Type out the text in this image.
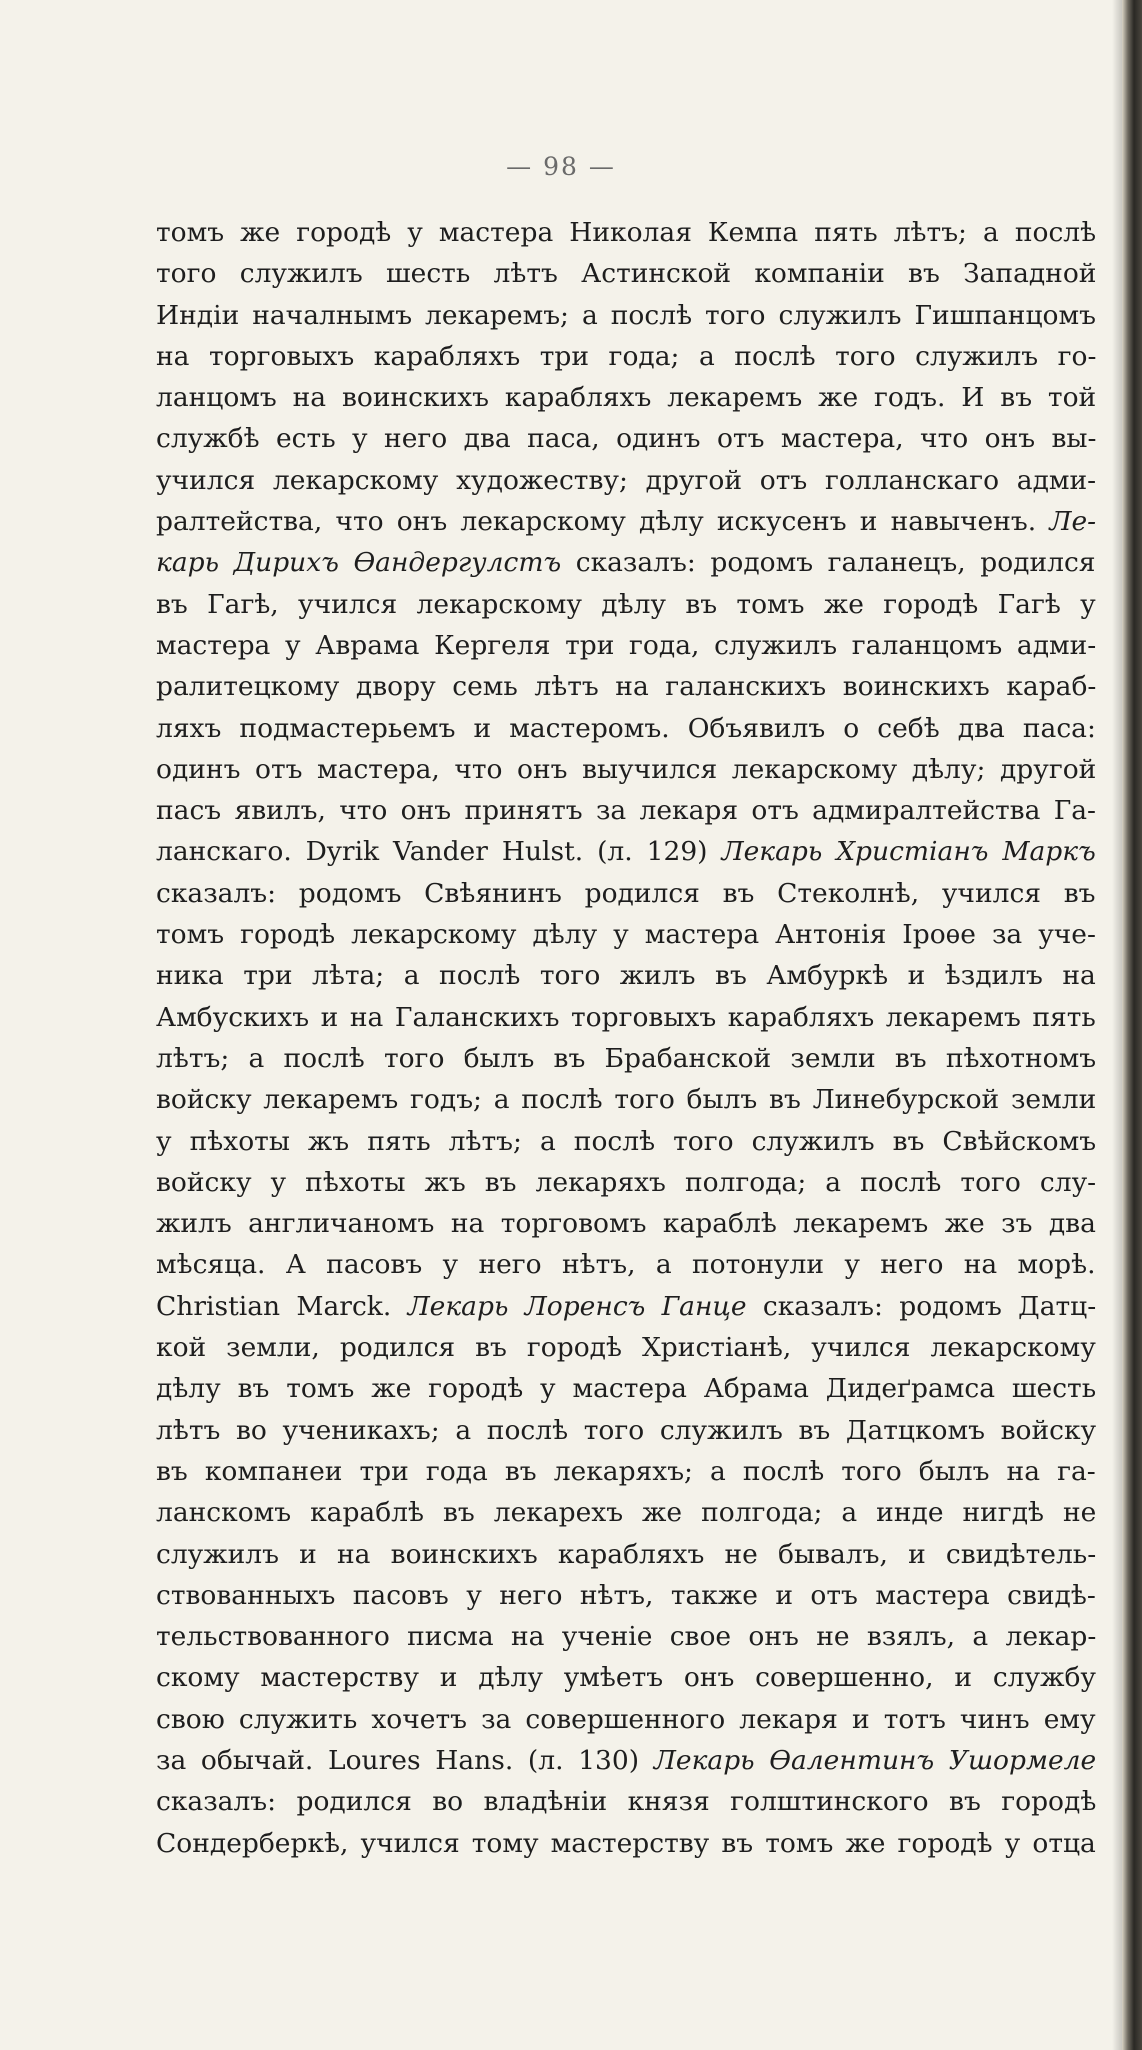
— 98 —
томъ же городѣ у мастера Николая Кемпа пять лѣтъ; а послѣ
того служилъ шесть лѣтъ Астинской компаніи въ Западной
Индіи началнымъ лекаремъ; а послѣ того служилъ Гишпанцомъ
на торговыхъ карабляхъ три года; а послѣ того служилъ го-
ланцомъ на воинскихъ карабляхъ лекаремъ же годъ. И въ той
службѣ есть у него два паса, одинъ отъ мастера, что онъ вы-
учился лекарскому художеству; другой отъ голланскаго адми-
ралтейства, что онъ лекарскому дѣлу искусенъ и навыченъ. Ле-
карь Дирихъ Өандергулстъ сказалъ: родомъ галанецъ, родился
въ Гагѣ, учился лекарскому дѣлу въ томъ же городѣ Гагѣ у
мастера у Аврама Кергеля три года, служилъ галанцомъ адми-
ралитецкому двору семь лѣтъ на галанскихъ воинскихъ караб-
ляхъ подмастерьемъ и мастеромъ. Объявилъ о себѣ два паса:
одинъ отъ мастера, что онъ выучился лекарскому дѣлу; другой
пасъ явилъ, что онъ принятъ за лекаря отъ адмиралтейства Га-
ланскаго. Dyrik Vander Hulst. (л. 129) Лекарь Христіанъ Маркъ
сказалъ: родомъ Свѣянинъ родился въ Стеколнѣ, учился въ
томъ городѣ лекарскому дѣлу у мастера Антонія Іроѳе за уче-
ника три лѣта; а послѣ того жилъ въ Амбуркѣ и ѣздилъ на
Амбускихъ и на Галанскихъ торговыхъ карабляхъ лекаремъ пять
лѣтъ; а послѣ того былъ въ Брабанской земли въ пѣхотномъ
войску лекаремъ годъ; а послѣ того былъ въ Линебурской земли
у пѣхоты жъ пять лѣтъ; а послѣ того служилъ въ Свѣйскомъ
войску у пѣхоты жъ въ лекаряхъ полгода; а послѣ того слу-
жилъ англичаномъ на торговомъ караблѣ лекаремъ же зъ два
мѣсяца. А пасовъ у него нѣтъ, а потонули у него на морѣ.
Christian Marck. Лекарь Лоренсъ Ганце сказалъ: родомъ Датц-
кой земли, родился въ городѣ Христіанѣ, учился лекарскому
дѣлу въ томъ же городѣ у мастера Абрама Дидеґрамса шесть
лѣтъ во ученикахъ; а послѣ того служилъ въ Датцкомъ войску
въ компанеи три года въ лекаряхъ; а послѣ того былъ на га-
ланскомъ караблѣ въ лекарехъ же полгода; а инде нигдѣ не
служилъ и на воинскихъ карабляхъ не бывалъ, и свидѣтель-
ствованныхъ пасовъ у него нѣтъ, также и отъ мастера свидѣ-
тельствованного писма на ученіе свое онъ не взялъ, а лекар-
скому мастерству и дѣлу умѣетъ онъ совершенно, и службу
свою служить хочетъ за совершенного лекаря и тотъ чинъ ему
за обычай. Loures Hans. (л. 130) Лекарь Өалентинъ Ушормеле
сказалъ: родился во владѣніи князя голштинского въ городѣ
Сондерберкѣ, учился тому мастерству въ томъ же городѣ у отца
